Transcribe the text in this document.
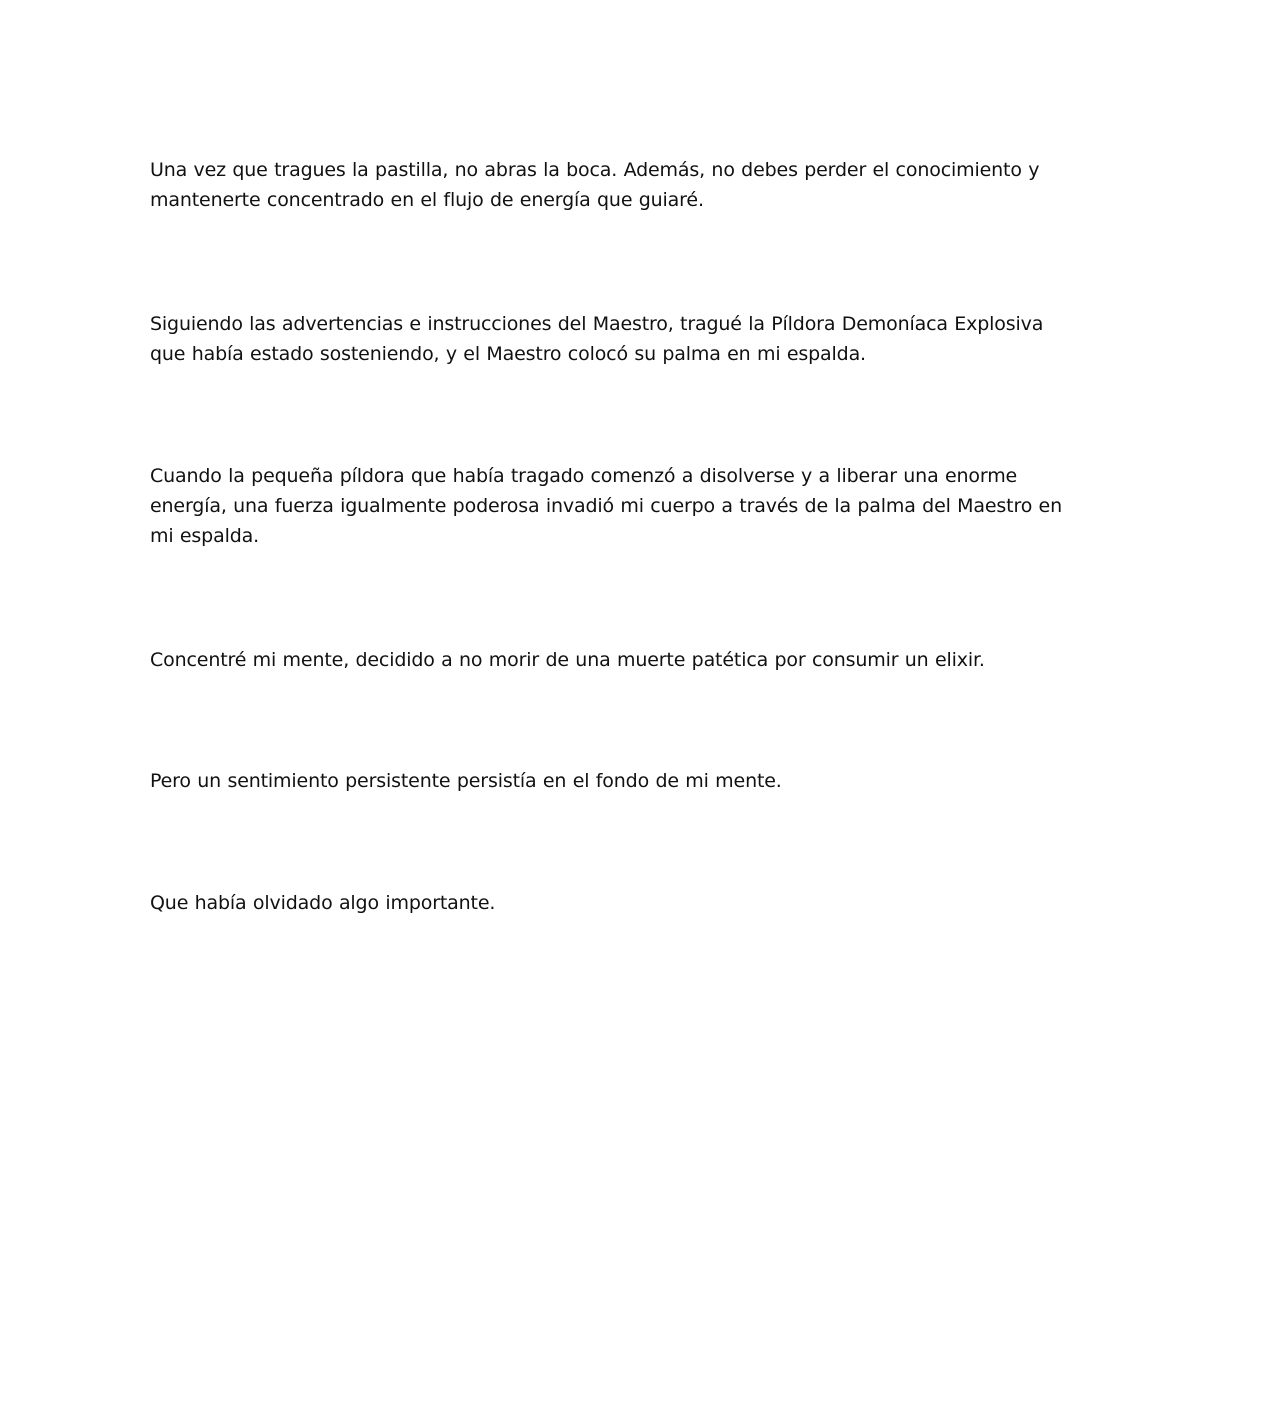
Una vez que tragues la pastilla, no abras la boca. Además, no debes perder el conocimiento y
mantenerte concentrado en el flujo de energía que guiaré.

Siguiendo las advertencias e instrucciones del Maestro, tragué la Píldora Demoníaca Explosiva
que había estado sosteniendo, y el Maestro colocó su palma en mi espalda.

Cuando la pequeña píldora que había tragado comenzó a disolverse y a liberar una enorme
energía, una fuerza igualmente poderosa invadió mi cuerpo a través de la palma del Maestro en
mi espalda.

Concentré mi mente, decidido a no morir de una muerte patética por consumir un elixir.

Pero un sentimiento persistente persistía en el fondo de mi mente.

Que había olvidado algo importante.
